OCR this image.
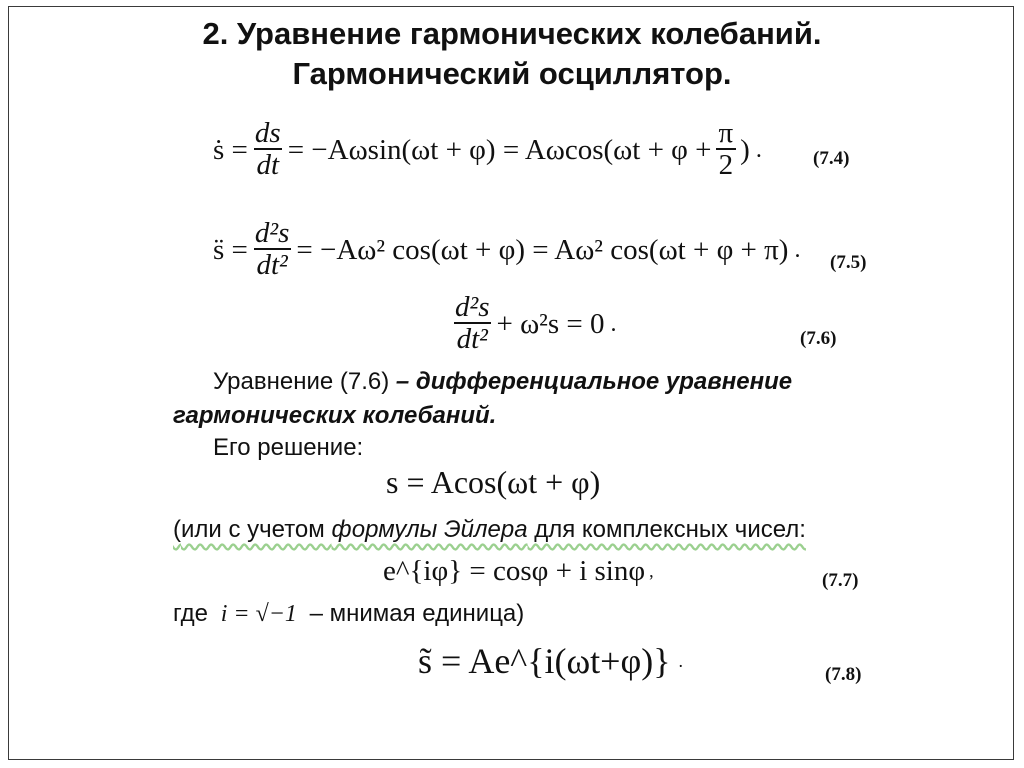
2. Уравнение гармонических колебаний.
Гармонический осциллятор.
ṡ = $\frac{ds}{dt} = -A\omega\sin(\omega t + \varphi) = A\omega\cos(\omega t + \varphi + \frac{\pi}{2}$ ) .	(7.4)
s̈ = $\frac{\text{d²s}}{\text{dt²}} = -A\omega^2$ cos(ωt + φ) = Aω² cos(ωt + φ + π) . (7.5)
$\frac{\text{d²s}}{\text{dt²}} + \omega^2s = 0$ .
(7.6)
Уравнение (7.6) – дифференциальное уравнение
гармонических колебаний.
Его решение:
s = Acos(ωt + φ)
(или с учетом формулы Эйлера для комплексных чисел:
e^{iφ} = cosφ + i sinφ ,	(7.7)
где i = √−1 – мнимая единица)
s̃ = Ae^{i(ωt+φ)} .
(7.8)
